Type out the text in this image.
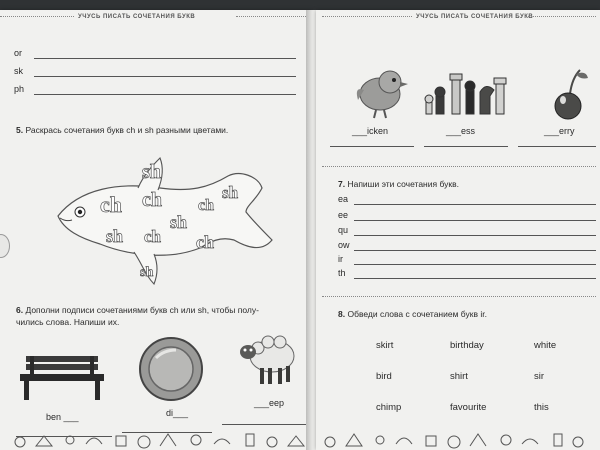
УЧУСЬ ПИСАТЬ СОЧЕТАНИЯ БУКВ
or
sk
ph
5. Раскрась сочетания букв ch и sh разными цветами.
sh
ch ch	sh
sh
ch
sh ch ch
sh
6. Дополни подписи сочетаниями букв ch или sh, чтобы полу-
чились слова. Напиши их.
ben ___	di___
___eep
УЧУСЬ ПИСАТЬ СОЧЕТАНИЯ БУКВ
___icken	___ess	___erry
7. Напиши эти сочетания букв.
ea
ee
qu
ow
ir
th
8. Обведи слова с сочетанием букв ir.
skirt	birthday	white
bird	shirt	sir
chimp	favourite	this
